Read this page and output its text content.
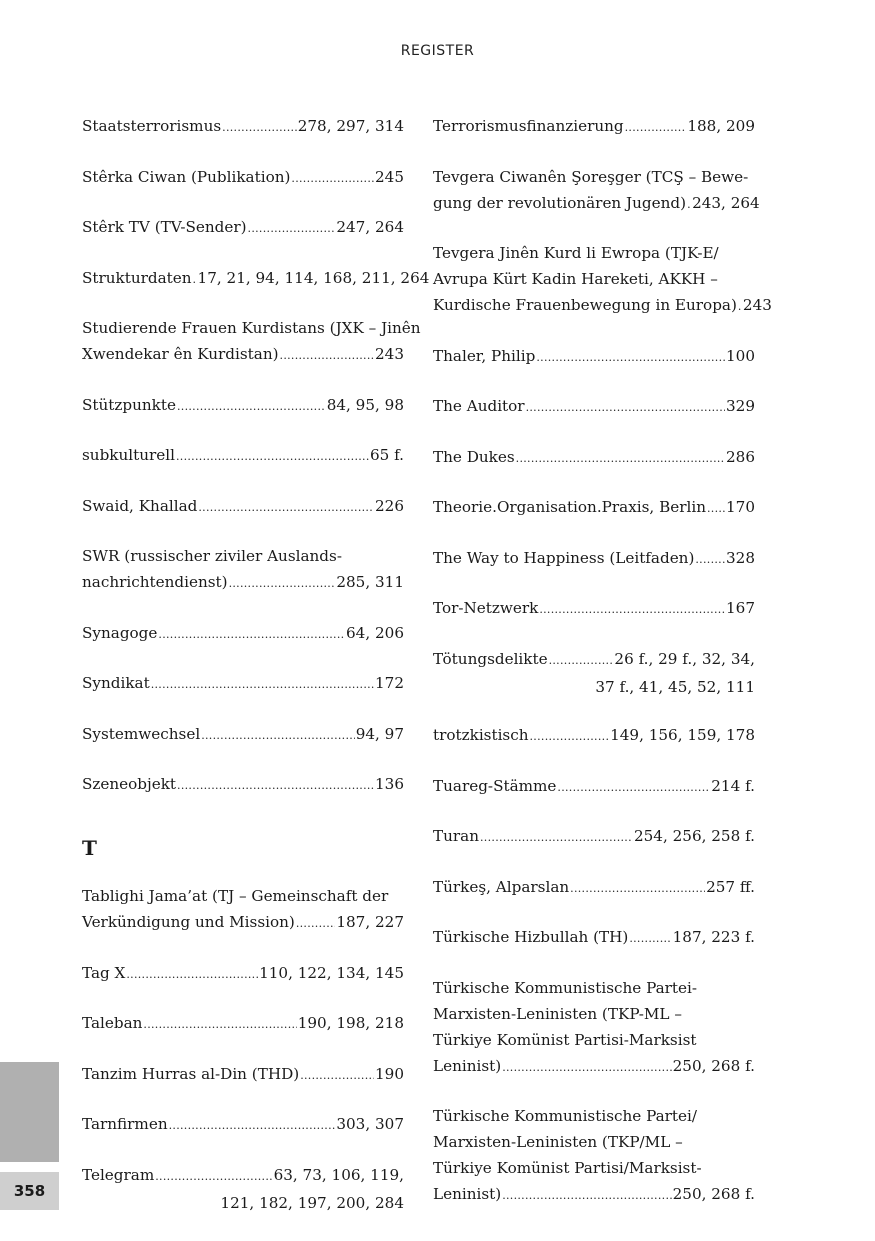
REGISTER
Staatsterrorismus .....	278, 297, 314
Stêrka Ciwan (Publikation) .....	245
Stêrk TV (TV-Sender) .....	247, 264
Strukturdaten ..... 17, 21, 94, 114, 168, 211, 264
Studierende Frauen Kurdistans (JXK – Jinên
Xwendekar ên Kurdistan) .....	243
Stützpunkte .....	84, 95, 98
subkulturell .....	65 f.
Swaid, Khallad .....	226
SWR (russischer ziviler Auslands-
nachrichtendienst) .....	285, 311
Synagoge .....	64, 206
Syndikat .....	172
Systemwechsel .....	94, 97
Szeneobjekt .....	136
T
Tablighi Jama’at (TJ – Gemeinschaft der
Verkündigung und Mission) .....	187, 227
Tag X .....	110, 122, 134, 145
Taleban .....	190, 198, 218
Tanzim Hurras al-Din (THD) .....	190
Tarnfirmen .....	303, 307
Telegram .....	63, 73, 106, 119,
121, 182, 197, 200, 284
Terrorismusfinanzierung .....	188, 209
Tevgera Ciwanên Şoreşger (TCŞ – Bewe-
gung der revolutionären Jugend) ..... 243, 264
Tevgera Jinên Kurd li Ewropa (TJK-E/
Avrupa Kürt Kadin Hareketi, AKKH –
Kurdische Frauenbewegung in Europa) ..... 243
Thaler, Philip .....	100
The Auditor .....	329
The Dukes .....	286
Theorie.Organisation.Praxis, Berlin ..... 170
The Way to Happiness (Leitfaden) ..... 328
Tor-Netzwerk .....	167
Tötungsdelikte .....	26 f., 29 f., 32, 34,
37 f., 41, 45, 52, 111
trotzkistisch .....	149, 156, 159, 178
Tuareg-Stämme .....	214 f.
Turan .....	254, 256, 258 f.
Türkeş, Alparslan .....	257 ff.
Türkische Hizbullah (TH) .....	187, 223 f.
Türkische Kommunistische Partei-
Marxisten-Leninisten (TKP-ML –
Türkiye Komünist Partisi-Marksist
Leninist) .....	250, 268 f.
Türkische Kommunistische Partei/
Marxisten-Leninisten (TKP/ML –
Türkiye Komünist Partisi/Marksist-
Leninist) .....	250, 268 f.
358
